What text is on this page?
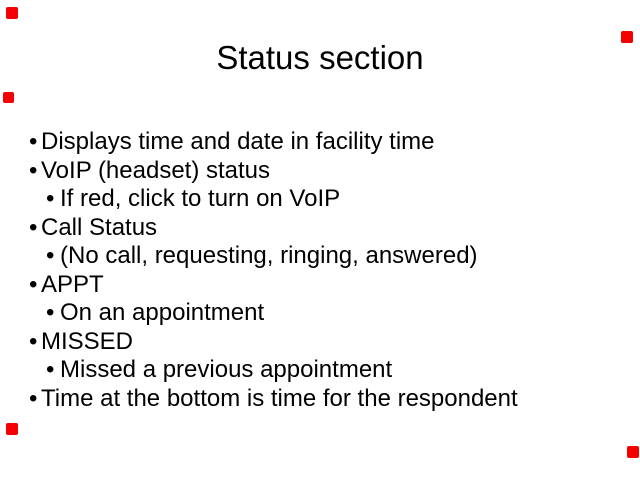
Status section
• Displays time and date in facility time
• VoIP (headset) status
• If red, click to turn on VoIP
• Call Status
• (No call, requesting, ringing, answered)
• APPT
• On an appointment
• MISSED
• Missed a previous appointment
• Time at the bottom is time for the respondent
